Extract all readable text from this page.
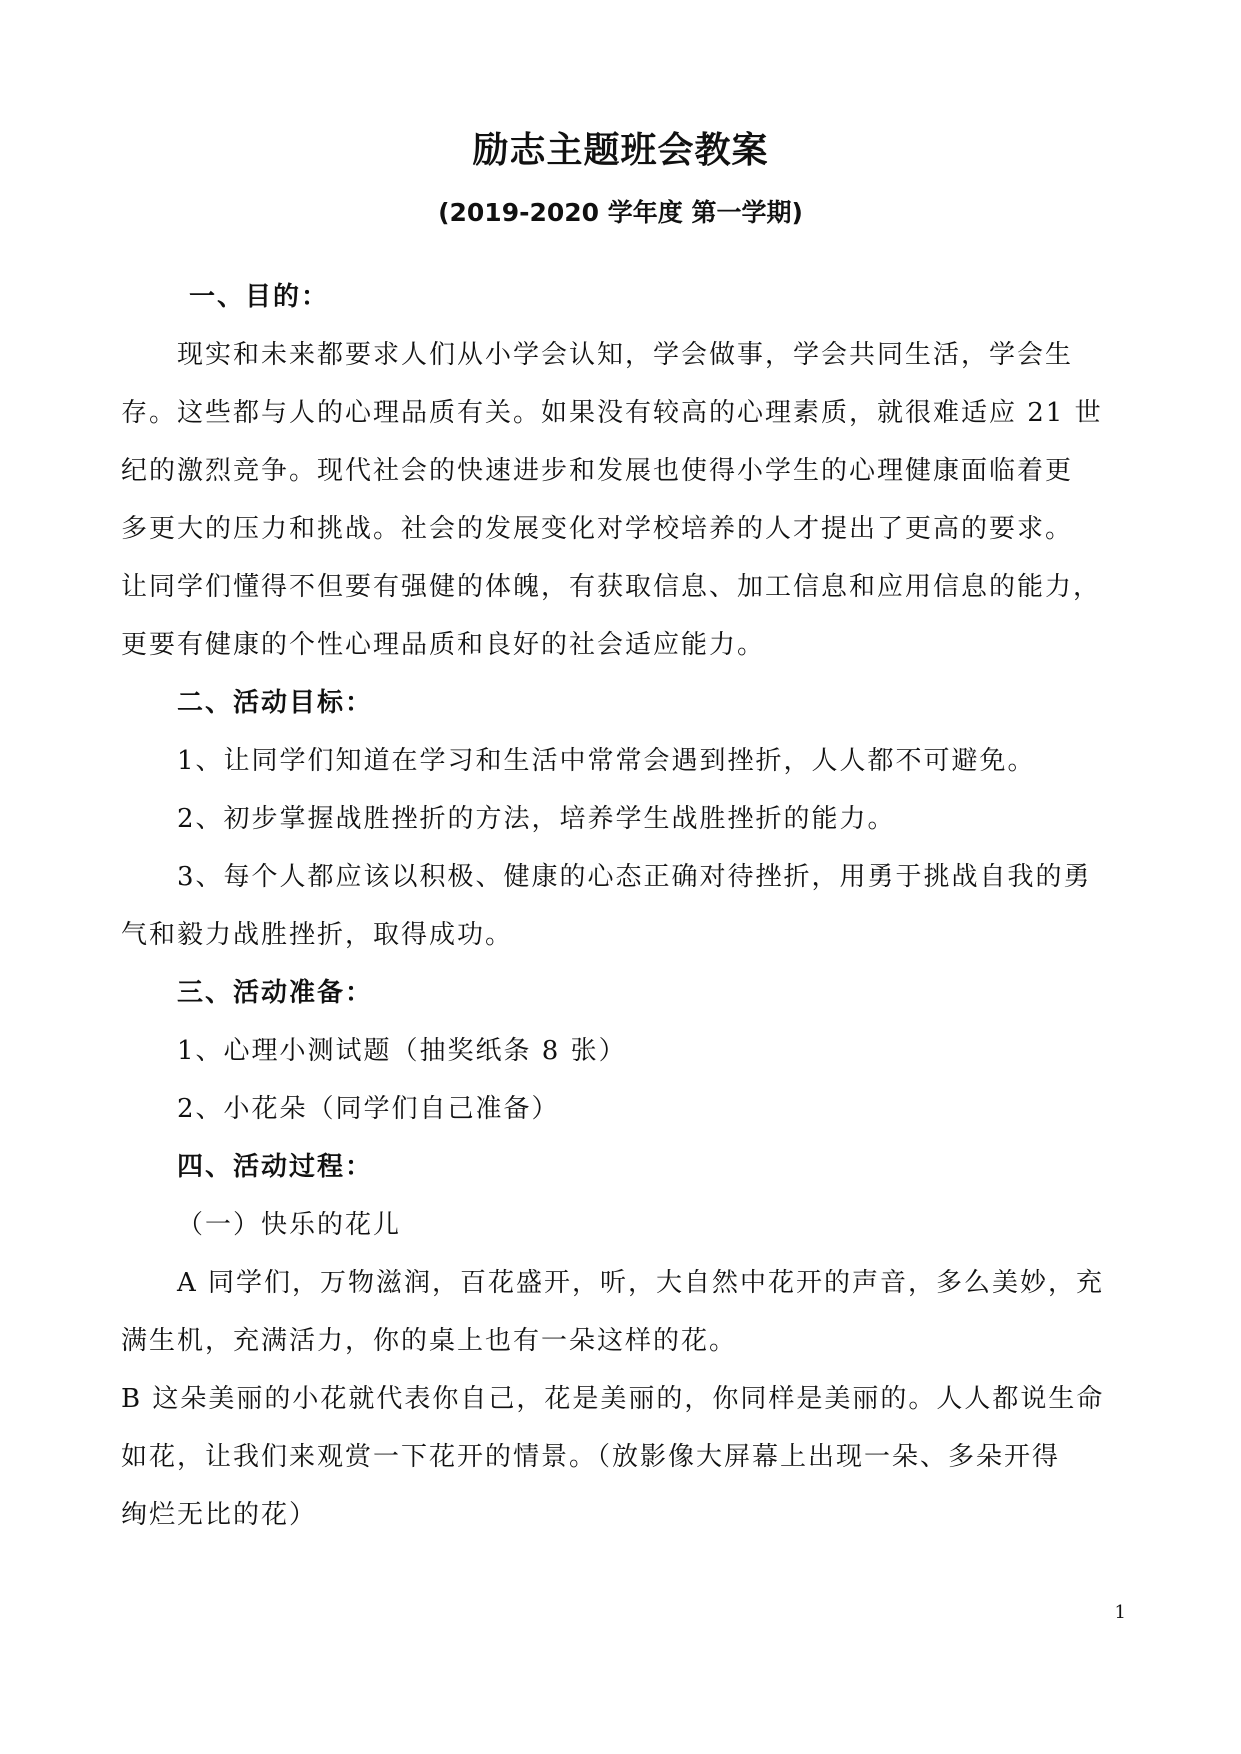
励志主题班会教案
(2019-2020 学年度 第一学期)
一、目的：
现实和未来都要求人们从小学会认知，学会做事，学会共同生活，学会生
存。这些都与人的心理品质有关。如果没有较高的心理素质，就很难适应 21 世
纪的激烈竞争。现代社会的快速进步和发展也使得小学生的心理健康面临着更
多更大的压力和挑战。社会的发展变化对学校培养的人才提出了更高的要求。
让同学们懂得不但要有强健的体魄，有获取信息、加工信息和应用信息的能力，
更要有健康的个性心理品质和良好的社会适应能力。
二、活动目标：
1、让同学们知道在学习和生活中常常会遇到挫折，人人都不可避免。
2、初步掌握战胜挫折的方法，培养学生战胜挫折的能力。
3、每个人都应该以积极、健康的心态正确对待挫折，用勇于挑战自我的勇
气和毅力战胜挫折，取得成功。
三、活动准备：
1、心理小测试题（抽奖纸条 8 张）
2、小花朵（同学们自己准备）
四、活动过程：
（一）快乐的花儿
A 同学们，万物滋润，百花盛开，听，大自然中花开的声音，多么美妙，充
满生机，充满活力，你的桌上也有一朵这样的花。
B 这朵美丽的小花就代表你自己，花是美丽的，你同样是美丽的。人人都说生命
如花，让我们来观赏一下花开的情景。（放影像大屏幕上出现一朵、多朵开得
绚烂无比的花）
1
